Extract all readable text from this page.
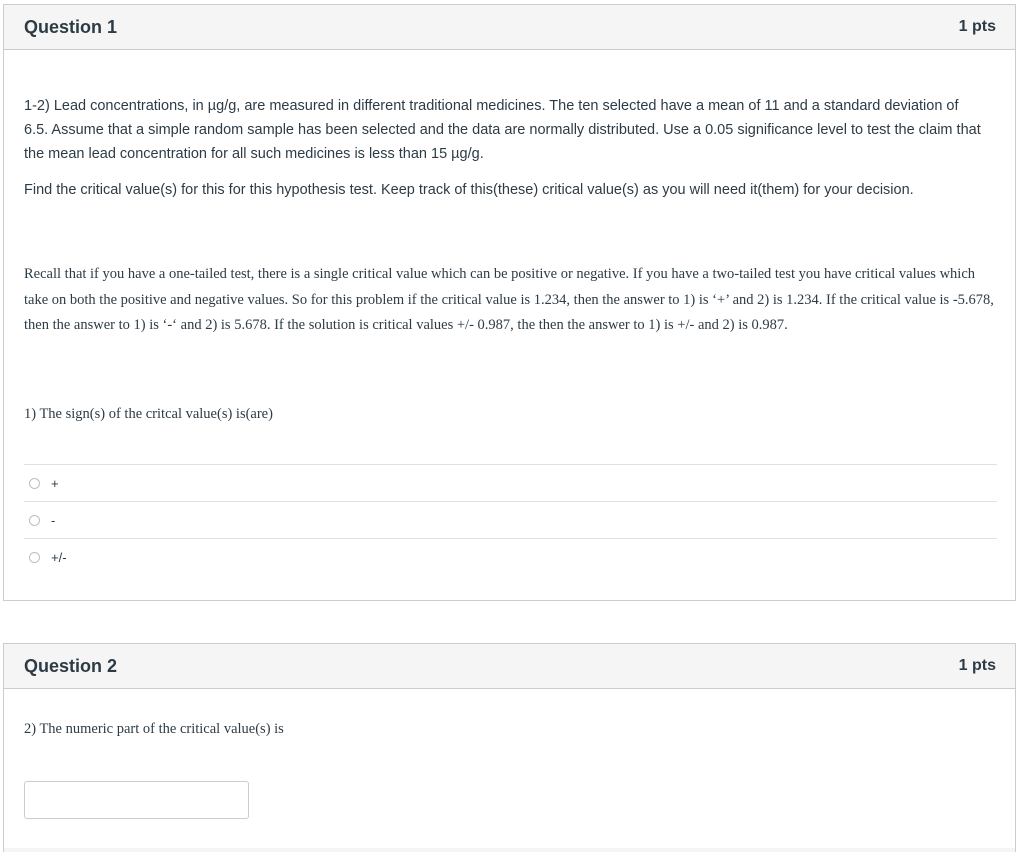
Question 1	1 pts

1-2) Lead concentrations, in µg/g, are measured in different traditional medicines. The ten selected have a mean of 11 and a standard deviation of 6.5. Assume that a simple random sample has been selected and the data are normally distributed. Use a 0.05 significance level to test the claim that the mean lead concentration for all such medicines is less than 15 µg/g.

Find the critical value(s) for this for this hypothesis test. Keep track of this(these) critical value(s) as you will need it(them) for your decision.

Recall that if you have a one-tailed test, there is a single critical value which can be positive or negative. If you have a two-tailed test you have critical values which take on both the positive and negative values. So for this problem if the critical value is 1.234, then the answer to 1) is ‘+’ and 2) is 1.234. If the critical value is -5.678, then the answer to 1) is ‘-‘ and 2) is 5.678. If the solution is critical values +/- 0.987, the then the answer to 1) is +/- and 2) is 0.987.

1) The sign(s) of the critcal value(s) is(are)

+
-
+/-
Question 2	1 pts

2) The numeric part of the critical value(s) is
